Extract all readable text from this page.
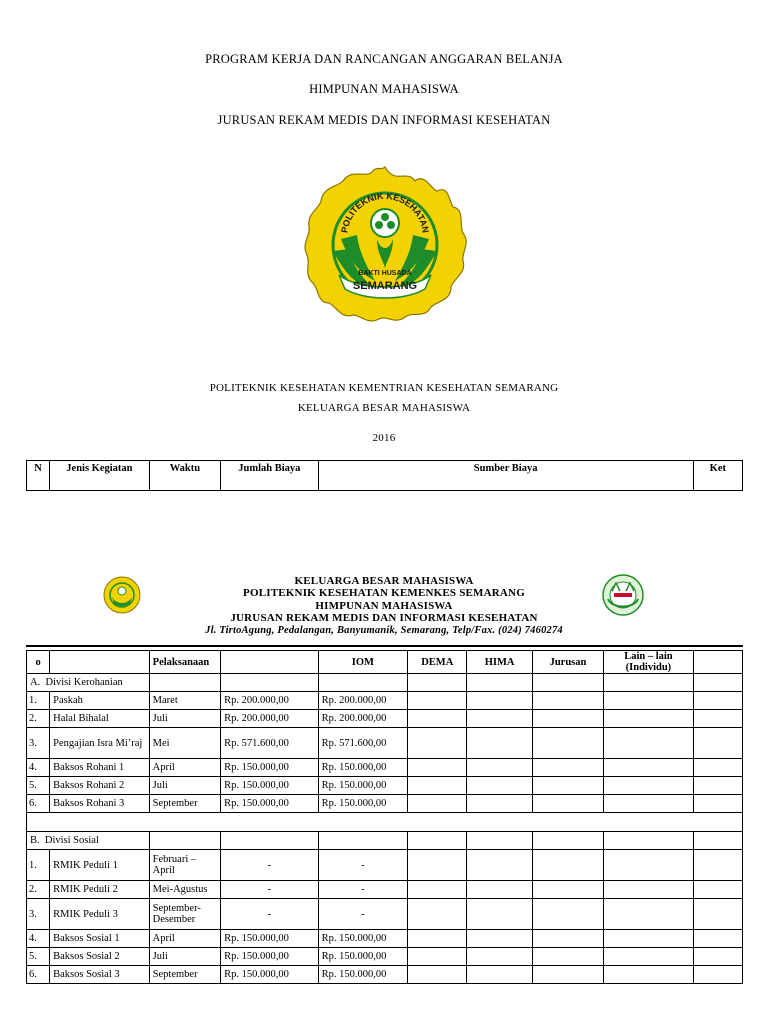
PROGRAM KERJA DAN RANCANGAN ANGGARAN BELANJA
HIMPUNAN MAHASISWA
JURUSAN REKAM MEDIS DAN INFORMASI KESEHATAN
SEMARANG
POLITEKNIK KESEHATAN
BAKTI HUSADA
POLITEKNIK KESEHATAN KEMENTRIAN KESEHATAN SEMARANG
KELUARGA BESAR MAHASISWA
2016
N	Jenis Kegiatan	Waktu	Jumlah Biaya	Sumber Biaya	Ket
KELUARGA BESAR MAHASISWA
POLITEKNIK KESEHATAN KEMENKES SEMARANG
HIMPUNAN MAHASISWA
JURUSAN REKAM MEDIS DAN INFORMASI KESEHATAN
Jl. TirtoAgung, Pedalangan, Banyumanik, Semarang, Telp/Fax. (024) 7460274
o		Pelaksanaan		IOM	DEMA	HIMA	Jurusan	Lain – lain
(Individu)	
A. Divisi Kerohanian									
1.	Paskah	Maret	Rp. 200.000,00	Rp. 200.000,00					
2.	Halal Bihalal	Juli	Rp. 200.000,00	Rp. 200.000,00					
3.	Pengajian Isra Mi’raj	Mei	Rp. 571.600,00	Rp. 571.600,00					
4.	Baksos Rohani 1	April	Rp. 150.000,00	Rp. 150.000,00					
5.	Baksos Rohani 2	Juli	Rp. 150.000,00	Rp. 150.000,00					
6.	Baksos Rohani 3	September	Rp. 150.000,00	Rp. 150.000,00					

B. Divisi Sosial									
1.	RMIK Peduli 1	Februari – April	-	-					
2.	RMIK Peduli 2	Mei-Agustus	-	-					
3.	RMIK Peduli 3	September-Desember	-	-					
4.	Baksos Sosial 1	April	Rp. 150.000,00	Rp. 150.000,00					
5.	Baksos Sosial 2	Juli	Rp. 150.000,00	Rp. 150.000,00					
6.	Baksos Sosial 3	September	Rp. 150.000,00	Rp. 150.000,00					
